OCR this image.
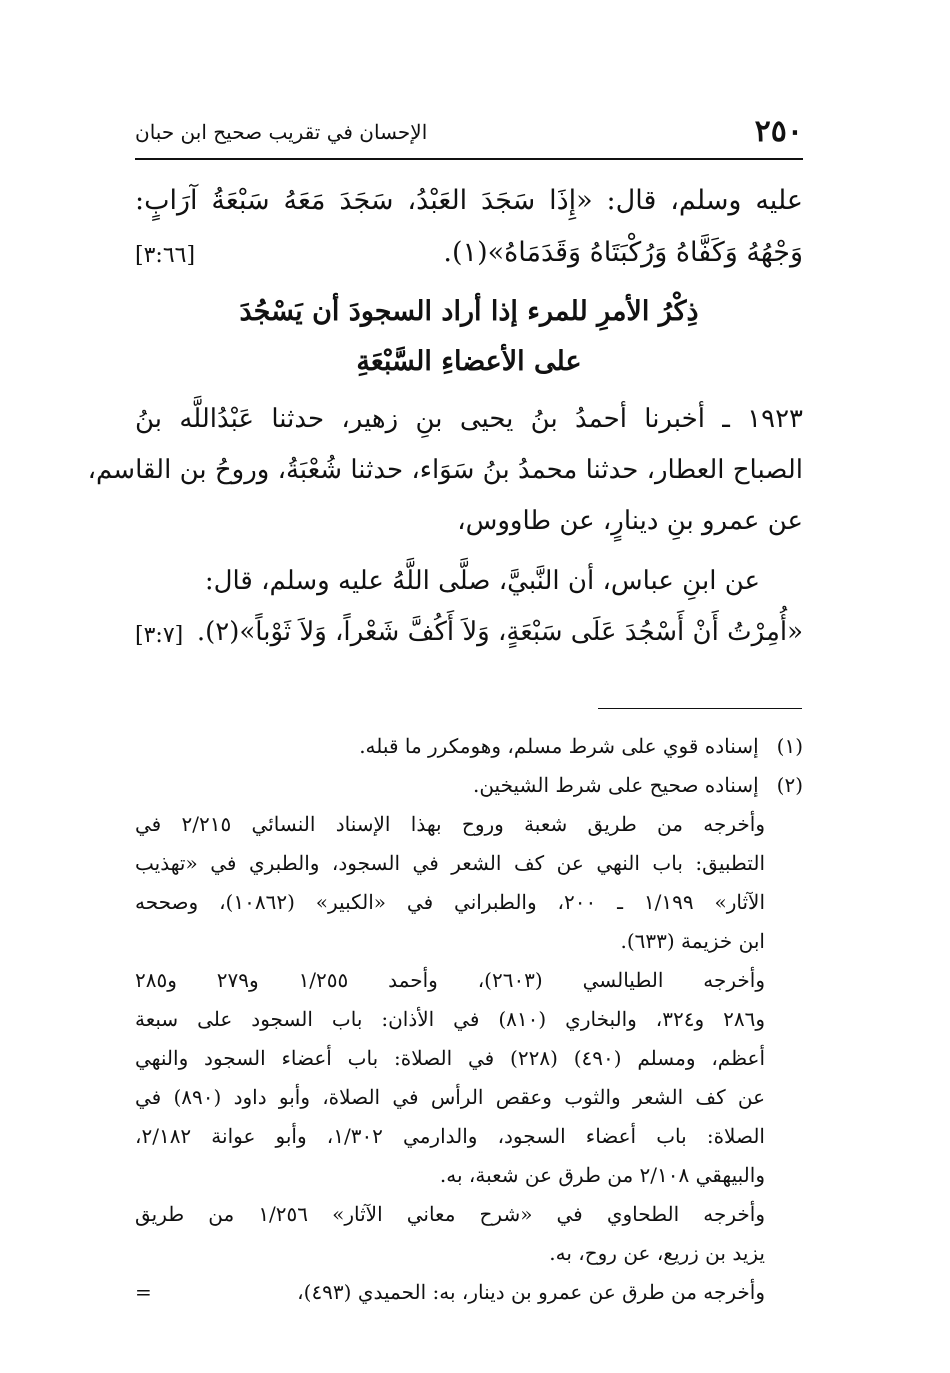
٢٥٠
الإحسان في تقريب صحيح ابن حبان
عليه وسلم، قال: «إِذَا سَجَدَ العَبْدُ، سَجَدَ مَعَهُ سَبْعَةُ آرَابٍ:
وَجْهُهُ وَكَفَّاهُ وَرُكْبَتَاهُ وَقَدَمَاهُ»(١).
[٣:٦٦]
ذِكْرُ الأمرِ للمرء إذا أراد السجودَ أن يَسْجُدَ
على الأعضاءِ السَّبْعَةِ
١٩٢٣ ـ أخبرنا أحمدُ بنُ يحيى بنِ زهير، حدثنا عَبْدُاللَّه بنُ
الصباح العطار، حدثنا محمدُ بنُ سَوَاء، حدثنا شُعْبَةُ، وروحُ بن القاسم،
عن عمرو بنِ دينارٍ، عن طاووس،
عن ابنِ عباس، أن النَّبيَّ، صلَّى اللَّهُ عليه وسلم، قال:
«أُمِرْتُ أَنْ أَسْجُدَ عَلَى سَبْعَةٍ، وَلاَ أَكُفَّ شَعْراً، وَلاَ ثَوْباً»(٢).
[٣:٧]
(١) إسناده قوي على شرط مسلم، وهومكرر ما قبله.
(٢) إسناده صحيح على شرط الشيخين.
وأخرجه من طريق شعبة وروح بهذا الإسناد النسائي ٢/٢١٥ في
التطبيق: باب النهي عن كف الشعر في السجود، والطبري في «تهذيب
الآثار» ١/١٩٩ ـ ٢٠٠، والطبراني في «الكبير» (١٠٨٦٢)، وصححه
ابن خزيمة (٦٣٣).
وأخرجه الطيالسي (٢٦٠٣)، وأحمد ١/٢٥٥ و٢٧٩ و٢٨٥
و٢٨٦ و٣٢٤، والبخاري (٨١٠) في الأذان: باب السجود على سبعة
أعظم، ومسلم (٤٩٠) (٢٢٨) في الصلاة: باب أعضاء السجود والنهي
عن كف الشعر والثوب وعقص الرأس في الصلاة، وأبو داود (٨٩٠) في
الصلاة: باب أعضاء السجود، والدارمي ١/٣٠٢، وأبو عوانة ٢/١٨٢،
والبيهقي ٢/١٠٨ من طرق عن شعبة، به.
وأخرجه الطحاوي في «شرح معاني الآثار» ١/٢٥٦ من طريق
يزيد بن زريع، عن روح، به.
وأخرجه من طرق عن عمرو بن دينار، به: الحميدي (٤٩٣)،
=
